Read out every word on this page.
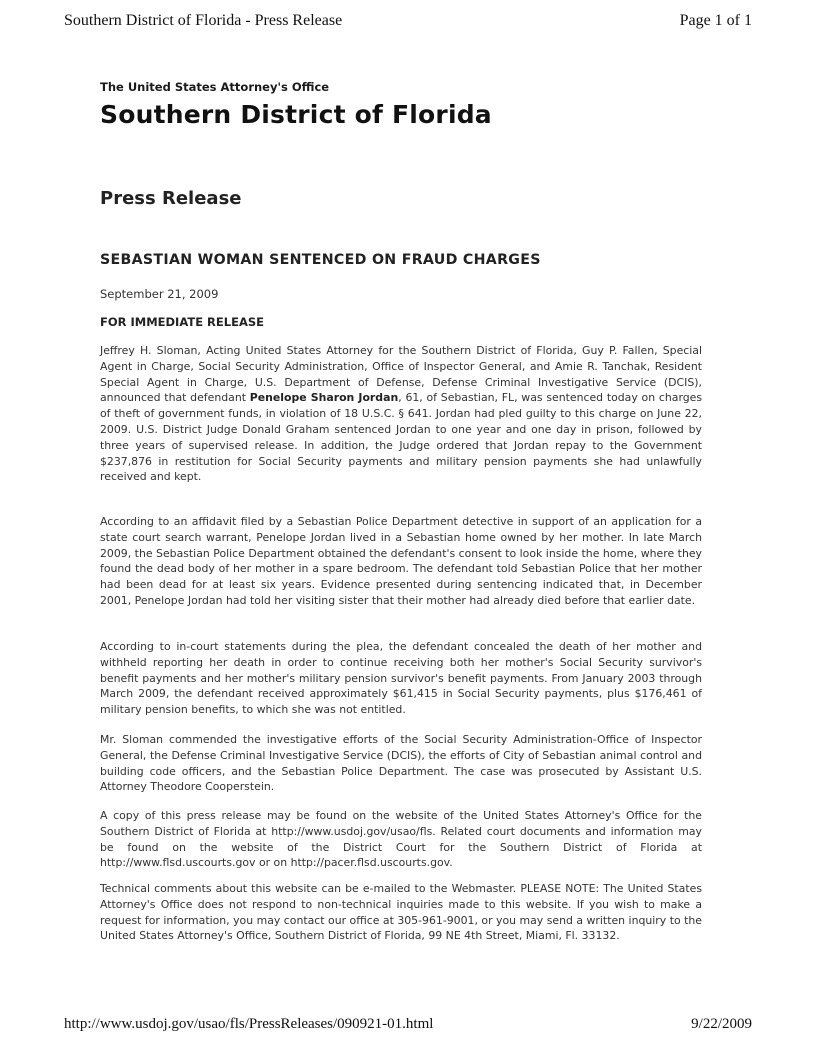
Southern District of Florida - Press Release	Page 1 of 1
The United States Attorney's Office
Southern District of Florida
Press Release
SEBASTIAN WOMAN SENTENCED ON FRAUD CHARGES
September 21, 2009
FOR IMMEDIATE RELEASE

Jeffrey H. Sloman, Acting United States Attorney for the Southern District of Florida, Guy P. Fallen, Special Agent in Charge, Social Security Administration, Office of Inspector General, and Amie R. Tanchak, Resident Special Agent in Charge, U.S. Department of Defense, Defense Criminal Investigative Service (DCIS), announced that defendant Penelope Sharon Jordan, 61, of Sebastian, FL, was sentenced today on charges of theft of government funds, in violation of 18 U.S.C. § 641. Jordan had pled guilty to this charge on June 22, 2009. U.S. District Judge Donald Graham sentenced Jordan to one year and one day in prison, followed by three years of supervised release. In addition, the Judge ordered that Jordan repay to the Government $237,876 in restitution for Social Security payments and military pension payments she had unlawfully received and kept.

According to an affidavit filed by a Sebastian Police Department detective in support of an application for a state court search warrant, Penelope Jordan lived in a Sebastian home owned by her mother. In late March 2009, the Sebastian Police Department obtained the defendant's consent to look inside the home, where they found the dead body of her mother in a spare bedroom. The defendant told Sebastian Police that her mother had been dead for at least six years. Evidence presented during sentencing indicated that, in December 2001, Penelope Jordan had told her visiting sister that their mother had already died before that earlier date.

According to in-court statements during the plea, the defendant concealed the death of her mother and withheld reporting her death in order to continue receiving both her mother's Social Security survivor's benefit payments and her mother's military pension survivor's benefit payments. From January 2003 through March 2009, the defendant received approximately $61,415 in Social Security payments, plus $176,461 of military pension benefits, to which she was not entitled.

Mr. Sloman commended the investigative efforts of the Social Security Administration-Office of Inspector General, the Defense Criminal Investigative Service (DCIS), the efforts of City of Sebastian animal control and building code officers, and the Sebastian Police Department. The case was prosecuted by Assistant U.S. Attorney Theodore Cooperstein.

A copy of this press release may be found on the website of the United States Attorney's Office for the Southern District of Florida at http://www.usdoj.gov/usao/fls. Related court documents and information may be found on the website of the District Court for the Southern District of Florida at http://www.flsd.uscourts.gov or on http://pacer.flsd.uscourts.gov.

Technical comments about this website can be e-mailed to the Webmaster. PLEASE NOTE: The United States Attorney's Office does not respond to non-technical inquiries made to this website. If you wish to make a request for information, you may contact our office at 305-961-9001, or you may send a written inquiry to the United States Attorney's Office, Southern District of Florida, 99 NE 4th Street, Miami, Fl. 33132.

http://www.usdoj.gov/usao/fls/PressReleases/090921-01.html	9/22/2009
